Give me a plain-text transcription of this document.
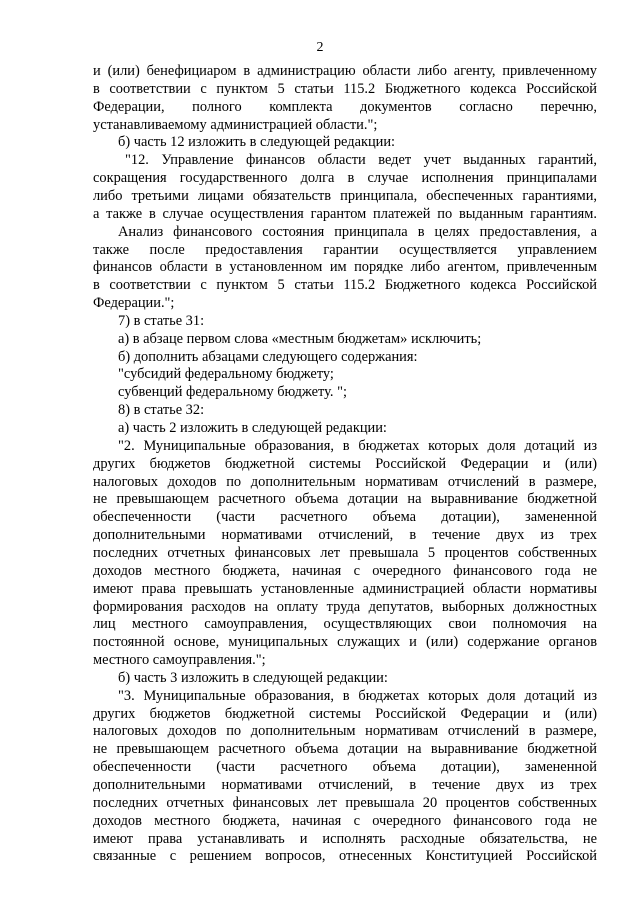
2
и (или) бенефициаром в администрацию области либо агенту, привлеченному
в соответствии с пунктом 5 статьи 115.2 Бюджетного кодекса Российской
Федерации, полного комплекта документов согласно перечню,
устанавливаемому администрацией области.";
б) часть 12 изложить в следующей редакции:
"12. Управление финансов области ведет учет выданных гарантий,
сокращения государственного долга в случае исполнения принципалами
либо третьими лицами обязательств принципала, обеспеченных гарантиями,
а также в случае осуществления гарантом платежей по выданным гарантиям.
Анализ финансового состояния принципала в целях предоставления, а
также после предоставления гарантии осуществляется управлением
финансов области в установленном им порядке либо агентом, привлеченным
в соответствии с пунктом 5 статьи 115.2 Бюджетного кодекса Российской
Федерации.";
7) в статье 31:
а) в абзаце первом слова «местным бюджетам» исключить;
б) дополнить абзацами следующего содержания:
"субсидий федеральному бюджету;
субвенций федеральному бюджету. ";
8) в статье 32:
а) часть 2 изложить в следующей редакции:
"2. Муниципальные образования, в бюджетах которых доля дотаций из
других бюджетов бюджетной системы Российской Федерации и (или)
налоговых доходов по дополнительным нормативам отчислений в размере,
не превышающем расчетного объема дотации на выравнивание бюджетной
обеспеченности (части расчетного объема дотации), замененной
дополнительными нормативами отчислений, в течение двух из трех
последних отчетных финансовых лет превышала 5 процентов собственных
доходов местного бюджета, начиная с очередного финансового года не
имеют права превышать установленные администрацией области нормативы
формирования расходов на оплату труда депутатов, выборных должностных
лиц местного самоуправления, осуществляющих свои полномочия на
постоянной основе, муниципальных служащих и (или) содержание органов
местного самоуправления.";
б) часть 3 изложить в следующей редакции:
"3. Муниципальные образования, в бюджетах которых доля дотаций из
других бюджетов бюджетной системы Российской Федерации и (или)
налоговых доходов по дополнительным нормативам отчислений в размере,
не превышающем расчетного объема дотации на выравнивание бюджетной
обеспеченности (части расчетного объема дотации), замененной
дополнительными нормативами отчислений, в течение двух из трех
последних отчетных финансовых лет превышала 20 процентов собственных
доходов местного бюджета, начиная с очередного финансового года не
имеют права устанавливать и исполнять расходные обязательства, не
связанные с решением вопросов, отнесенных Конституцией Российской
